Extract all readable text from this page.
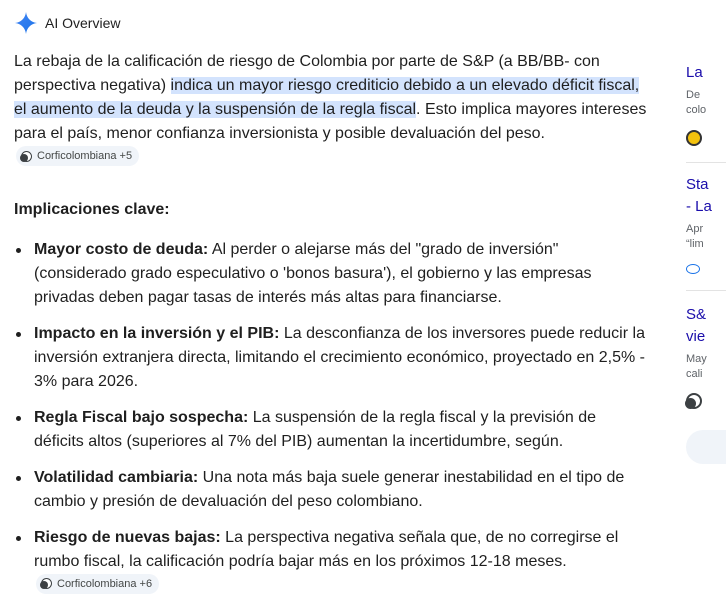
AI Overview

La rebaja de la calificación de riesgo de Colombia por parte de S&P (a BB/BB- con perspectiva negativa) indica un mayor riesgo crediticio debido a un elevado déficit fiscal, el aumento de la deuda y la suspensión de la regla fiscal. Esto implica mayores intereses para el país, menor confianza inversionista y posible devaluación del peso.
Corficolombiana +5

Implicaciones clave:
Mayor costo de deuda: Al perder o alejarse más del "grado de inversión" (considerado grado especulativo o 'bonos basura'), el gobierno y las empresas privadas deben pagar tasas de interés más altas para financiarse.
Impacto en la inversión y el PIB: La desconfianza de los inversores puede reducir la inversión extranjera directa, limitando el crecimiento económico, proyectado en 2,5% - 3% para 2026.
Regla Fiscal bajo sospecha: La suspensión de la regla fiscal y la previsión de déficits altos (superiores al 7% del PIB) aumentan la incertidumbre, según.
Volatilidad cambiaria: Una nota más baja suele generar inestabilidad en el tipo de cambio y presión de devaluación del peso colombiano.
Riesgo de nuevas bajas: La perspectiva negativa señala que, de no corregirse el rumbo fiscal, la calificación podría bajar más en los próximos 12-18 meses.
Corficolombiana +6
La
De
colo
Sta
- La
Apr
“lim
S&
vie
May
cali
